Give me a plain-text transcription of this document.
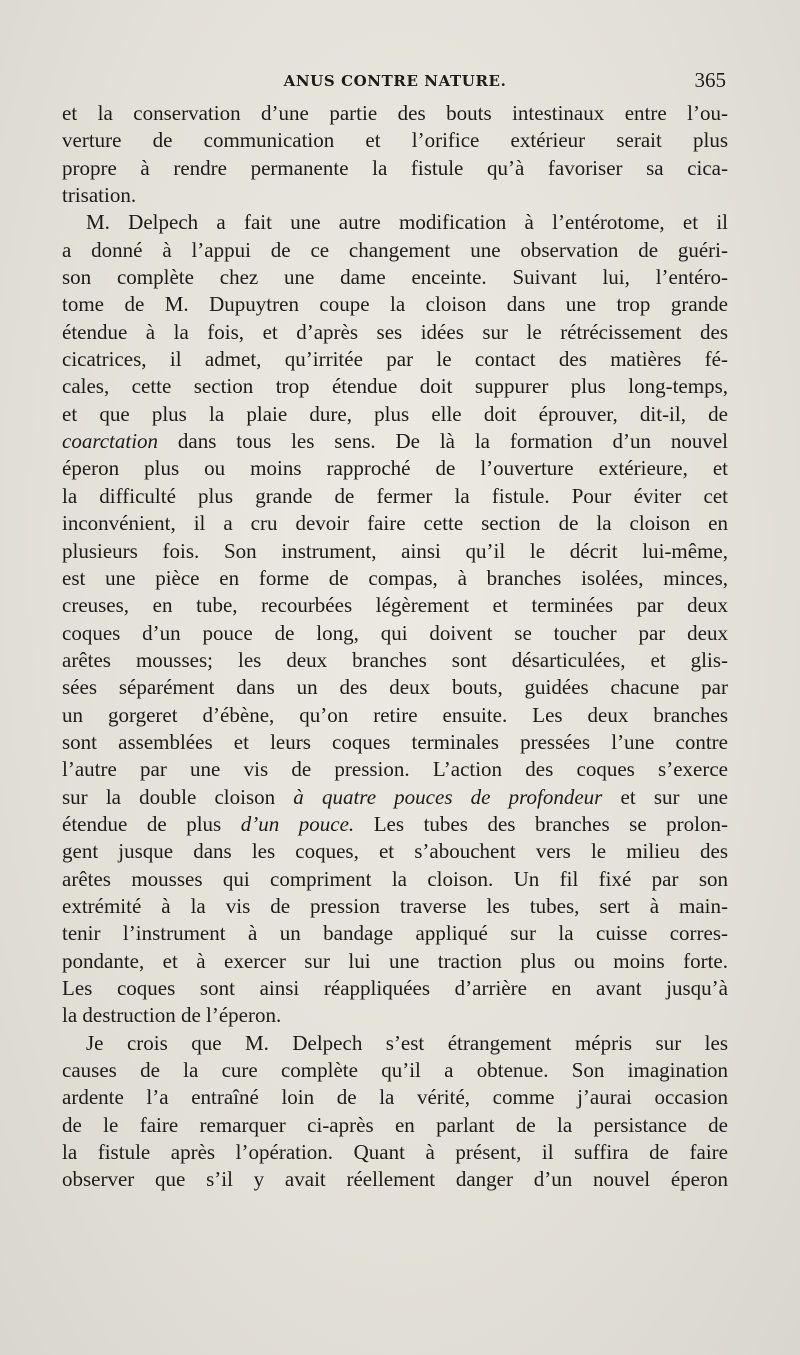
ANUS CONTRE NATURE.	365
et la conservation d’une partie des bouts intestinaux entre l’ou-
verture de communication et l’orifice extérieur serait plus
propre à rendre permanente la fistule qu’à favoriser sa cica-
trisation.
M. Delpech a fait une autre modification à l’entérotome, et il
a donné à l’appui de ce changement une observation de guéri-
son complète chez une dame enceinte. Suivant lui, l’entéro-
tome de M. Dupuytren coupe la cloison dans une trop grande
étendue à la fois, et d’après ses idées sur le rétrécissement des
cicatrices, il admet, qu’irritée par le contact des matières fé-
cales, cette section trop étendue doit suppurer plus long-temps,
et que plus la plaie dure, plus elle doit éprouver, dit-il, de
coarctation dans tous les sens. De là la formation d’un nouvel
éperon plus ou moins rapproché de l’ouverture extérieure, et
la difficulté plus grande de fermer la fistule. Pour éviter cet
inconvénient, il a cru devoir faire cette section de la cloison en
plusieurs fois. Son instrument, ainsi qu’il le décrit lui-même,
est une pièce en forme de compas, à branches isolées, minces,
creuses, en tube, recourbées légèrement et terminées par deux
coques d’un pouce de long, qui doivent se toucher par deux
arêtes mousses; les deux branches sont désarticulées, et glis-
sées séparément dans un des deux bouts, guidées chacune par
un gorgeret d’ébène, qu’on retire ensuite. Les deux branches
sont assemblées et leurs coques terminales pressées l’une contre
l’autre par une vis de pression. L’action des coques s’exerce
sur la double cloison à quatre pouces de profondeur et sur une
étendue de plus d’un pouce. Les tubes des branches se prolon-
gent jusque dans les coques, et s’abouchent vers le milieu des
arêtes mousses qui compriment la cloison. Un fil fixé par son
extrémité à la vis de pression traverse les tubes, sert à main-
tenir l’instrument à un bandage appliqué sur la cuisse corres-
pondante, et à exercer sur lui une traction plus ou moins forte.
Les coques sont ainsi réappliquées d’arrière en avant jusqu’à
la destruction de l’éperon.
Je crois que M. Delpech s’est étrangement mépris sur les
causes de la cure complète qu’il a obtenue. Son imagination
ardente l’a entraîné loin de la vérité, comme j’aurai occasion
de le faire remarquer ci-après en parlant de la persistance de
la fistule après l’opération. Quant à présent, il suffira de faire
observer que s’il y avait réellement danger d’un nouvel éperon
